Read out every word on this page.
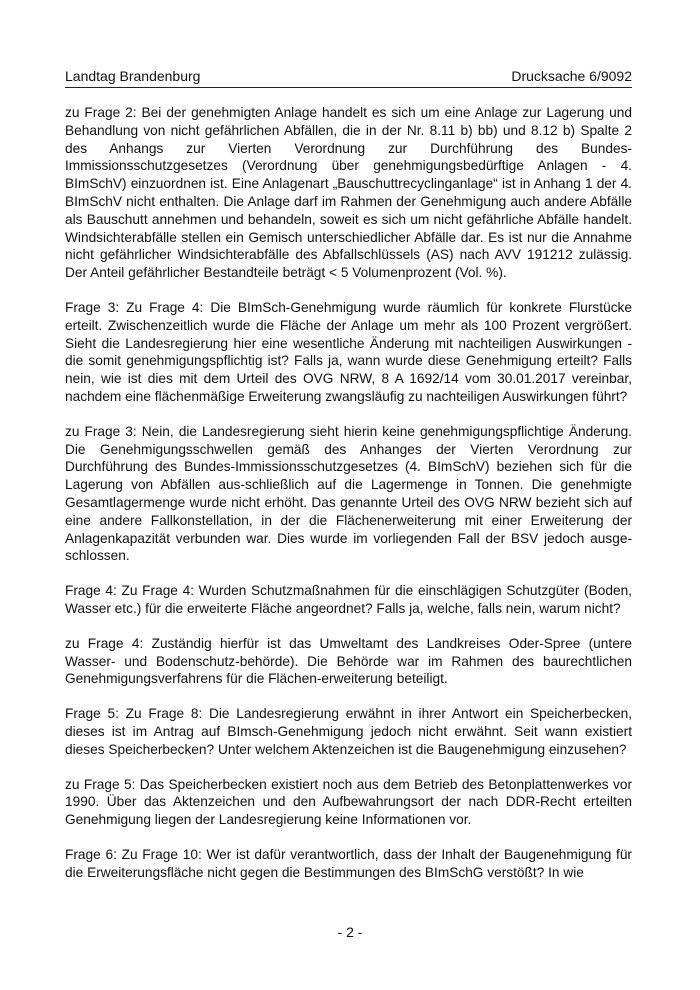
Landtag Brandenburg	Drucksache 6/9092

zu Frage 2: Bei der genehmigten Anlage handelt es sich um eine Anlage zur Lagerung und Behandlung von nicht gefährlichen Abfällen, die in der Nr. 8.11 b) bb) und 8.12 b) Spalte 2 des Anhangs zur Vierten Verordnung zur Durchführung des Bundes-Immissionsschutzgesetzes (Verordnung über genehmigungsbedürftige Anlagen - 4. BImSchV) einzuordnen ist. Eine Anlagenart „Bauschuttrecyclinganlage“ ist in Anhang 1 der 4. BImSchV nicht enthalten. Die Anlage darf im Rahmen der Genehmigung auch andere Abfälle als Bauschutt annehmen und behandeln, soweit es sich um nicht gefährliche Abfälle handelt. Windsichterabfälle stellen ein Gemisch unterschiedlicher Abfälle dar. Es ist nur die Annahme nicht gefährlicher Windsichterabfälle des Abfallschlüssels (AS) nach AVV 191212 zulässig. Der Anteil gefährlicher Bestandteile beträgt < 5 Volumenprozent (Vol. %).

Frage 3: Zu Frage 4: Die BImSch-Genehmigung wurde räumlich für konkrete Flurstücke erteilt. Zwischenzeitlich wurde die Fläche der Anlage um mehr als 100 Prozent vergrößert. Sieht die Landesregierung hier eine wesentliche Änderung mit nachteiligen Auswirkungen - die somit genehmigungspflichtig ist? Falls ja, wann wurde diese Genehmigung erteilt? Falls nein, wie ist dies mit dem Urteil des OVG NRW, 8 A 1692/14 vom 30.01.2017 vereinbar, nachdem eine flächenmäßige Erweiterung zwangsläufig zu nachteiligen Auswirkungen führt?

zu Frage 3: Nein, die Landesregierung sieht hierin keine genehmigungspflichtige Änderung. Die Genehmigungsschwellen gemäß des Anhanges der Vierten Verordnung zur Durchführung des Bundes-Immissionsschutzgesetzes (4. BImSchV) beziehen sich für die Lagerung von Abfällen aus-schließlich auf die Lagermenge in Tonnen. Die genehmigte Gesamtlagermenge wurde nicht erhöht. Das genannte Urteil des OVG NRW bezieht sich auf eine andere Fallkonstellation, in der die Flächenerweiterung mit einer Erweiterung der Anlagenkapazität verbunden war. Dies wurde im vorliegenden Fall der BSV jedoch ausgeschlossen.

Frage 4: Zu Frage 4: Wurden Schutzmaßnahmen für die einschlägigen Schutzgüter (Boden, Wasser etc.) für die erweiterte Fläche angeordnet? Falls ja, welche, falls nein, warum nicht?

zu Frage 4: Zuständig hierfür ist das Umweltamt des Landkreises Oder-Spree (untere Wasser- und Bodenschutz-behörde). Die Behörde war im Rahmen des baurechtlichen Genehmigungsverfahrens für die Flächen-erweiterung beteiligt.

Frage 5: Zu Frage 8: Die Landesregierung erwähnt in ihrer Antwort ein Speicherbecken, dieses ist im Antrag auf BImsch-Genehmigung jedoch nicht erwähnt. Seit wann existiert dieses Speicherbecken? Unter welchem Aktenzeichen ist die Baugenehmigung einzusehen?

zu Frage 5: Das Speicherbecken existiert noch aus dem Betrieb des Betonplattenwerkes vor 1990. Über das Aktenzeichen und den Aufbewahrungsort der nach DDR-Recht erteilten Genehmigung liegen der Landesregierung keine Informationen vor.

Frage 6: Zu Frage 10: Wer ist dafür verantwortlich, dass der Inhalt der Baugenehmigung für die Erweiterungsfläche nicht gegen die Bestimmungen des BImSchG verstößt? In wie

- 2 -
